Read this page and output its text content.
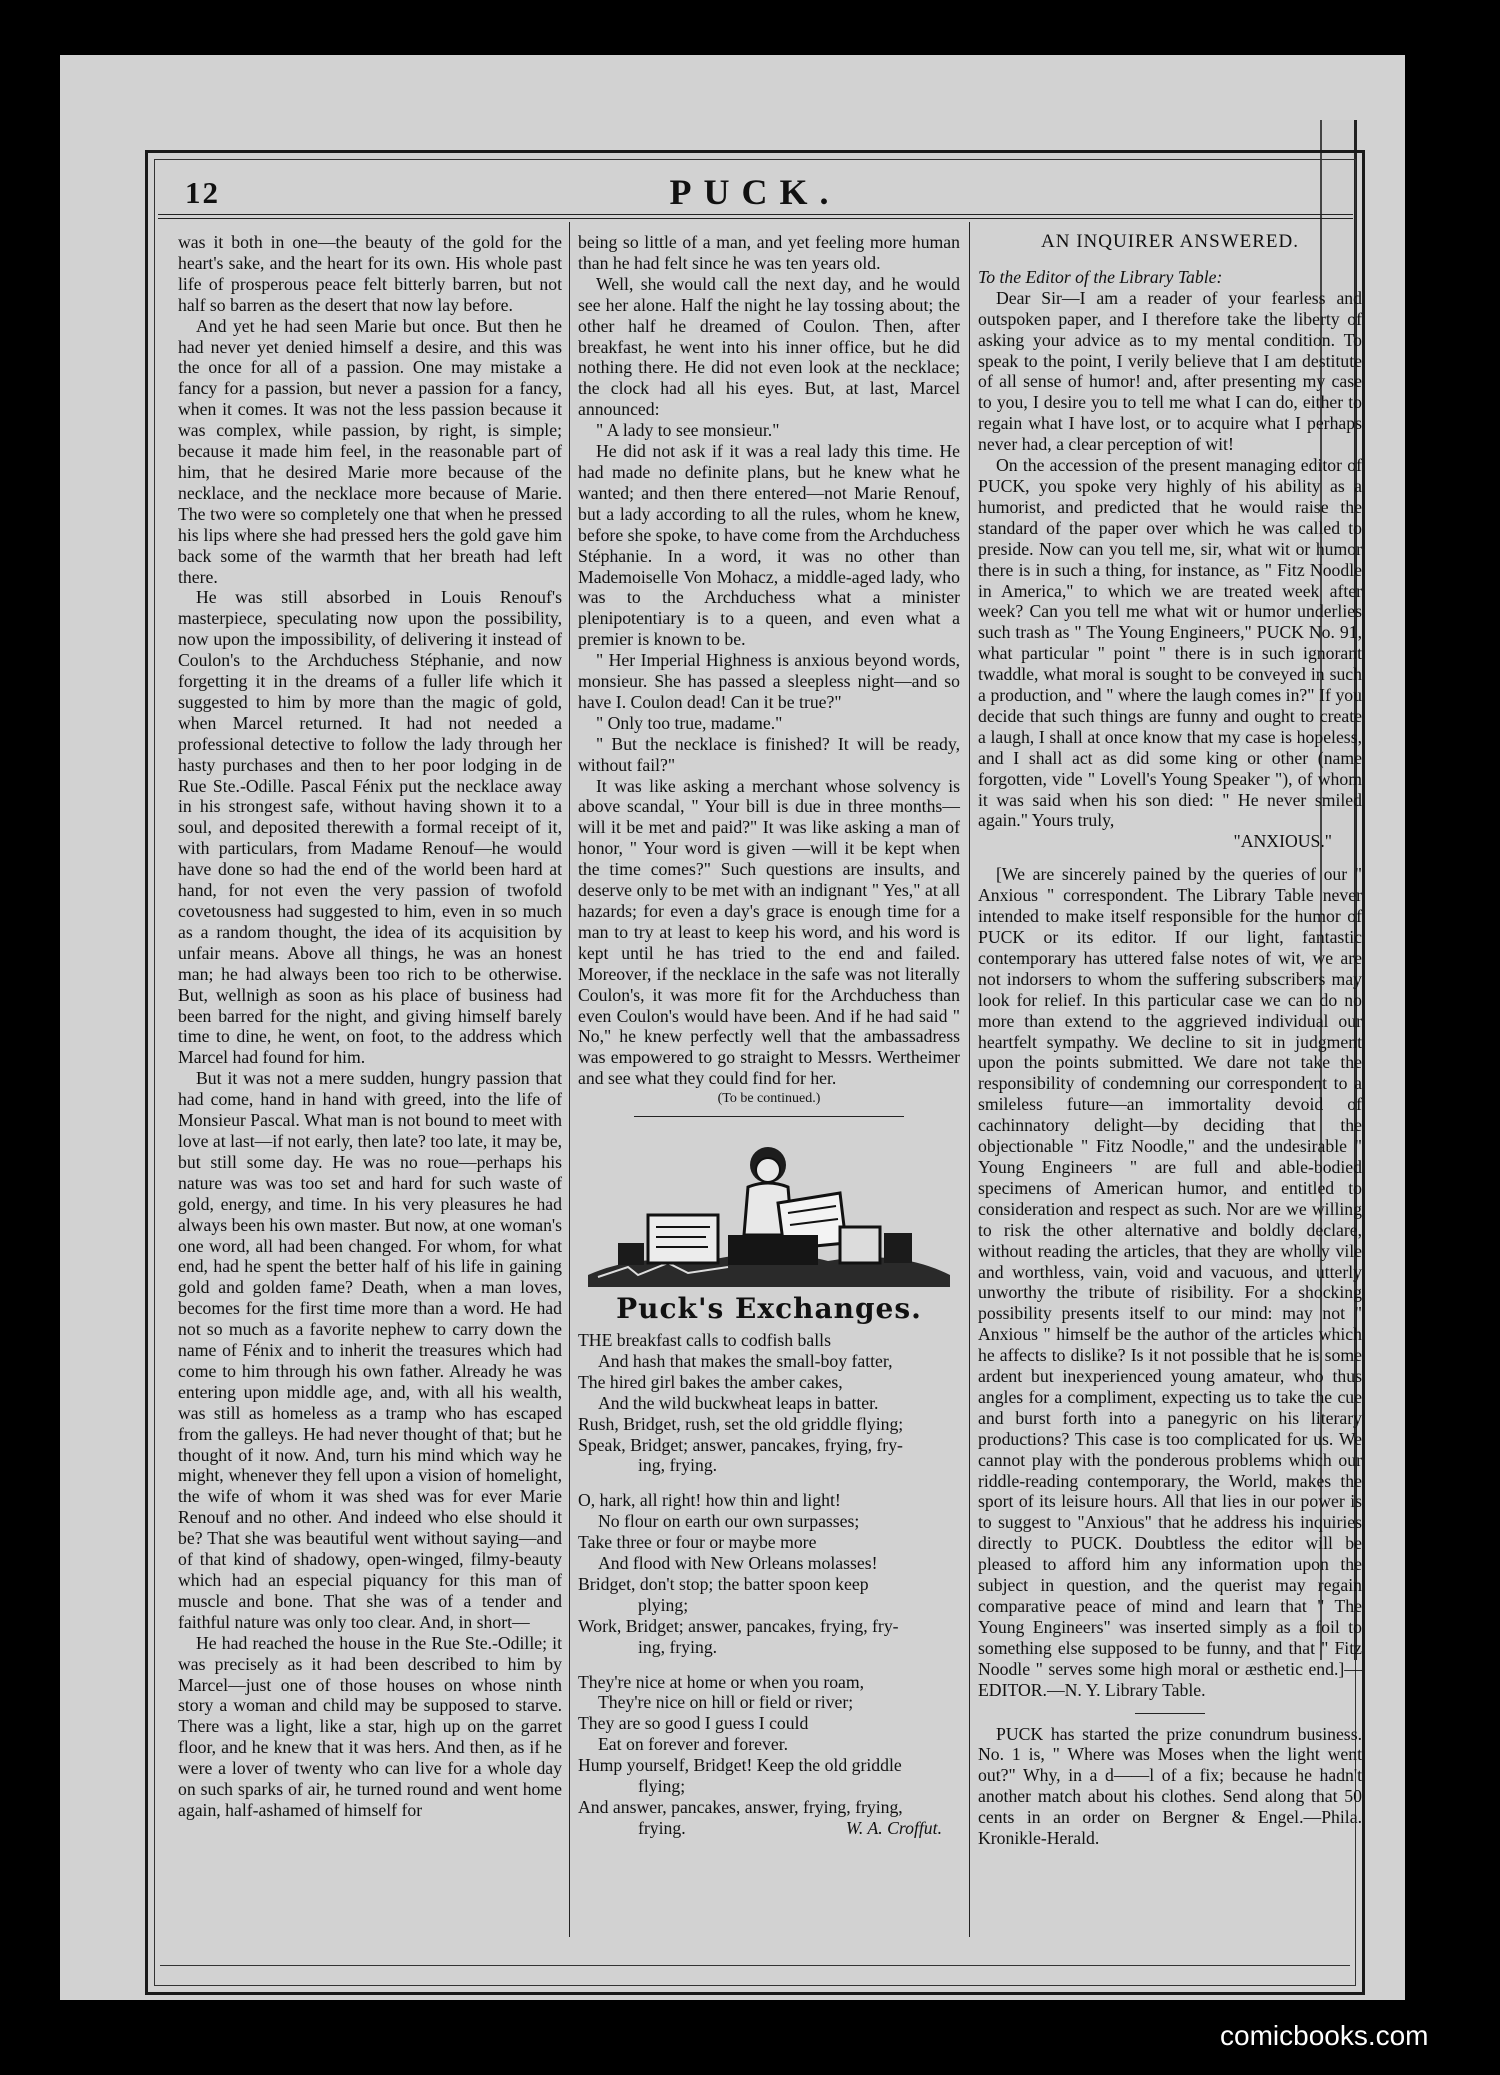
12	PUCK.

was it both in one—the beauty of the gold for the heart's sake, and the heart for its own. His whole past life of prosperous peace felt bitterly barren, but not half so barren as the desert that now lay before.

And yet he had seen Marie but once. But then he had never yet denied himself a desire, and this was the once for all of a passion. One may mistake a fancy for a passion, but never a passion for a fancy, when it comes. It was not the less passion because it was complex, while passion, by right, is simple; because it made him feel, in the reasonable part of him, that he desired Marie more because of the necklace, and the necklace more because of Marie. The two were so completely one that when he pressed his lips where she had pressed hers the gold gave him back some of the warmth that her breath had left there.

He was still absorbed in Louis Renouf's masterpiece, speculating now upon the possibility, now upon the impossibility, of delivering it instead of Coulon's to the Archduchess Stéphanie, and now forgetting it in the dreams of a fuller life which it suggested to him by more than the magic of gold, when Marcel returned. It had not needed a professional detective to follow the lady through her hasty purchases and then to her poor lodging in de Rue Ste.-Odille. Pascal Fénix put the necklace away in his strongest safe, without having shown it to a soul, and deposited therewith a formal receipt of it, with particulars, from Madame Renouf—he would have done so had the end of the world been hard at hand, for not even the very passion of twofold covetousness had suggested to him, even in so much as a random thought, the idea of its acquisition by unfair means. Above all things, he was an honest man; he had always been too rich to be otherwise. But, wellnigh as soon as his place of business had been barred for the night, and giving himself barely time to dine, he went, on foot, to the address which Marcel had found for him.

But it was not a mere sudden, hungry passion that had come, hand in hand with greed, into the life of Monsieur Pascal. What man is not bound to meet with love at last—if not early, then late? too late, it may be, but still some day. He was no roue—perhaps his nature was was too set and hard for such waste of gold, energy, and time. In his very pleasures he had always been his own master. But now, at one woman's one word, all had been changed. For whom, for what end, had he spent the better half of his life in gaining gold and golden fame? Death, when a man loves, becomes for the first time more than a word. He had not so much as a favorite nephew to carry down the name of Fénix and to inherit the treasures which had come to him through his own father. Already he was entering upon middle age, and, with all his wealth, was still as homeless as a tramp who has escaped from the galleys. He had never thought of that; but he thought of it now. And, turn his mind which way he might, whenever they fell upon a vision of homelight, the wife of whom it was shed was for ever Marie Renouf and no other. And indeed who else should it be? That she was beautiful went without saying—and of that kind of shadowy, open-winged, filmy-beauty which had an especial piquancy for this man of muscle and bone. That she was of a tender and faithful nature was only too clear. And, in short—

He had reached the house in the Rue Ste.-Odille; it was precisely as it had been described to him by Marcel—just one of those houses on whose ninth story a woman and child may be supposed to starve. There was a light, like a star, high up on the garret floor, and he knew that it was hers. And then, as if he were a lover of twenty who can live for a whole day on such sparks of air, he turned round and went home again, half-ashamed of himself for

being so little of a man, and yet feeling more human than he had felt since he was ten years old.

Well, she would call the next day, and he would see her alone. Half the night he lay tossing about; the other half he dreamed of Coulon. Then, after breakfast, he went into his inner office, but he did nothing there. He did not even look at the necklace; the clock had all his eyes. But, at last, Marcel announced:

" A lady to see monsieur."

He did not ask if it was a real lady this time. He had made no definite plans, but he knew what he wanted; and then there entered—not Marie Renouf, but a lady according to all the rules, whom he knew, before she spoke, to have come from the Archduchess Stéphanie. In a word, it was no other than Mademoiselle Von Mohacz, a middle-aged lady, who was to the Archduchess what a minister plenipotentiary is to a queen, and even what a premier is known to be.

" Her Imperial Highness is anxious beyond words, monsieur. She has passed a sleepless night—and so have I. Coulon dead! Can it be true?"

" Only too true, madame."

" But the necklace is finished? It will be ready, without fail?"

It was like asking a merchant whose solvency is above scandal, " Your bill is due in three months—will it be met and paid?" It was like asking a man of honor, " Your word is given —will it be kept when the time comes?" Such questions are insults, and deserve only to be met with an indignant " Yes," at all hazards; for even a day's grace is enough time for a man to try at least to keep his word, and his word is kept until he has tried to the end and failed. Moreover, if the necklace in the safe was not literally Coulon's, it was more fit for the Archduchess than even Coulon's would have been. And if he had said " No," he knew perfectly well that the ambassadress was empowered to go straight to Messrs. Wertheimer and see what they could find for her.

(To be continued.)

Puck's Exchanges.
THE breakfast calls to codfish balls
And hash that makes the small-boy fatter,
The hired girl bakes the amber cakes,
And the wild buckwheat leaps in batter.
Rush, Bridget, rush, set the old griddle flying;
Speak, Bridget; answer, pancakes, frying, fry-
ing, frying.
O, hark, all right! how thin and light!
No flour on earth our own surpasses;
Take three or four or maybe more
And flood with New Orleans molasses!
Bridget, don't stop; the batter spoon keep
plying;
Work, Bridget; answer, pancakes, frying, fry-
ing, frying.
They're nice at home or when you roam,
They're nice on hill or field or river;
They are so good I guess I could
Eat on forever and forever.
Hump yourself, Bridget! Keep the old griddle
flying;
And answer, pancakes, answer, frying, frying,
frying.	W. A. Croffut.
AN INQUIRER ANSWERED.

To the Editor of the Library Table:

Dear Sir—I am a reader of your fearless and outspoken paper, and I therefore take the liberty of asking your advice as to my mental condition. To speak to the point, I verily believe that I am destitute of all sense of humor! and, after presenting my case to you, I desire you to tell me what I can do, either to regain what I have lost, or to acquire what I perhaps never had, a clear perception of wit!

On the accession of the present managing editor of PUCK, you spoke very highly of his ability as a humorist, and predicted that he would raise the standard of the paper over which he was called to preside. Now can you tell me, sir, what wit or humor there is in such a thing, for instance, as " Fitz Noodle in America," to which we are treated week after week? Can you tell me what wit or humor underlies such trash as " The Young Engineers," PUCK No. 91, what particular " point " there is in such ignorant twaddle, what moral is sought to be conveyed in such a production, and " where the laugh comes in?" If you decide that such things are funny and ought to create a laugh, I shall at once know that my case is hopeless, and I shall act as did some king or other (name forgotten, vide " Lovell's Young Speaker "), of whom it was said when his son died: " He never smiled again." Yours truly,

"ANXIOUS."

[We are sincerely pained by the queries of our " Anxious " correspondent. The Library Table never intended to make itself responsible for the humor of PUCK or its editor. If our light, fantastic contemporary has uttered false notes of wit, we are not indorsers to whom the suffering subscribers may look for relief. In this particular case we can do no more than extend to the aggrieved individual our heartfelt sympathy. We decline to sit in judgment upon the points submitted. We dare not take the responsibility of condemning our correspondent to a smileless future—an immortality devoid of cachinnatory delight—by deciding that the objectionable " Fitz Noodle," and the undesirable " Young Engineers " are full and able-bodied specimens of American humor, and entitled to consideration and respect as such. Nor are we willing to risk the other alternative and boldly declare, without reading the articles, that they are wholly vile and worthless, vain, void and vacuous, and utterly unworthy the tribute of risibility. For a shocking possibility presents itself to our mind: may not " Anxious " himself be the author of the articles which he affects to dislike? Is it not possible that he is some ardent but inexperienced young amateur, who thus angles for a compliment, expecting us to take the cue and burst forth into a panegyric on his literary productions? This case is too complicated for us. We cannot play with the ponderous problems which our riddle-reading contemporary, the World, makes the sport of its leisure hours. All that lies in our power is to suggest to "Anxious" that he address his inquiries directly to PUCK. Doubtless the editor will be pleased to afford him any information upon the subject in question, and the querist may regain comparative peace of mind and learn that " The Young Engineers" was inserted simply as a foil to something else supposed to be funny, and that " Fitz Noodle " serves some high moral or æsthetic end.]—EDITOR.—N. Y. Library Table.

PUCK has started the prize conundrum business. No. 1 is, " Where was Moses when the light went out?" Why, in a d——l of a fix; because he hadn't another match about his clothes. Send along that 50 cents in an order on Bergner & Engel.—Phila. Kronikle-Herald.

comicbooks.com
